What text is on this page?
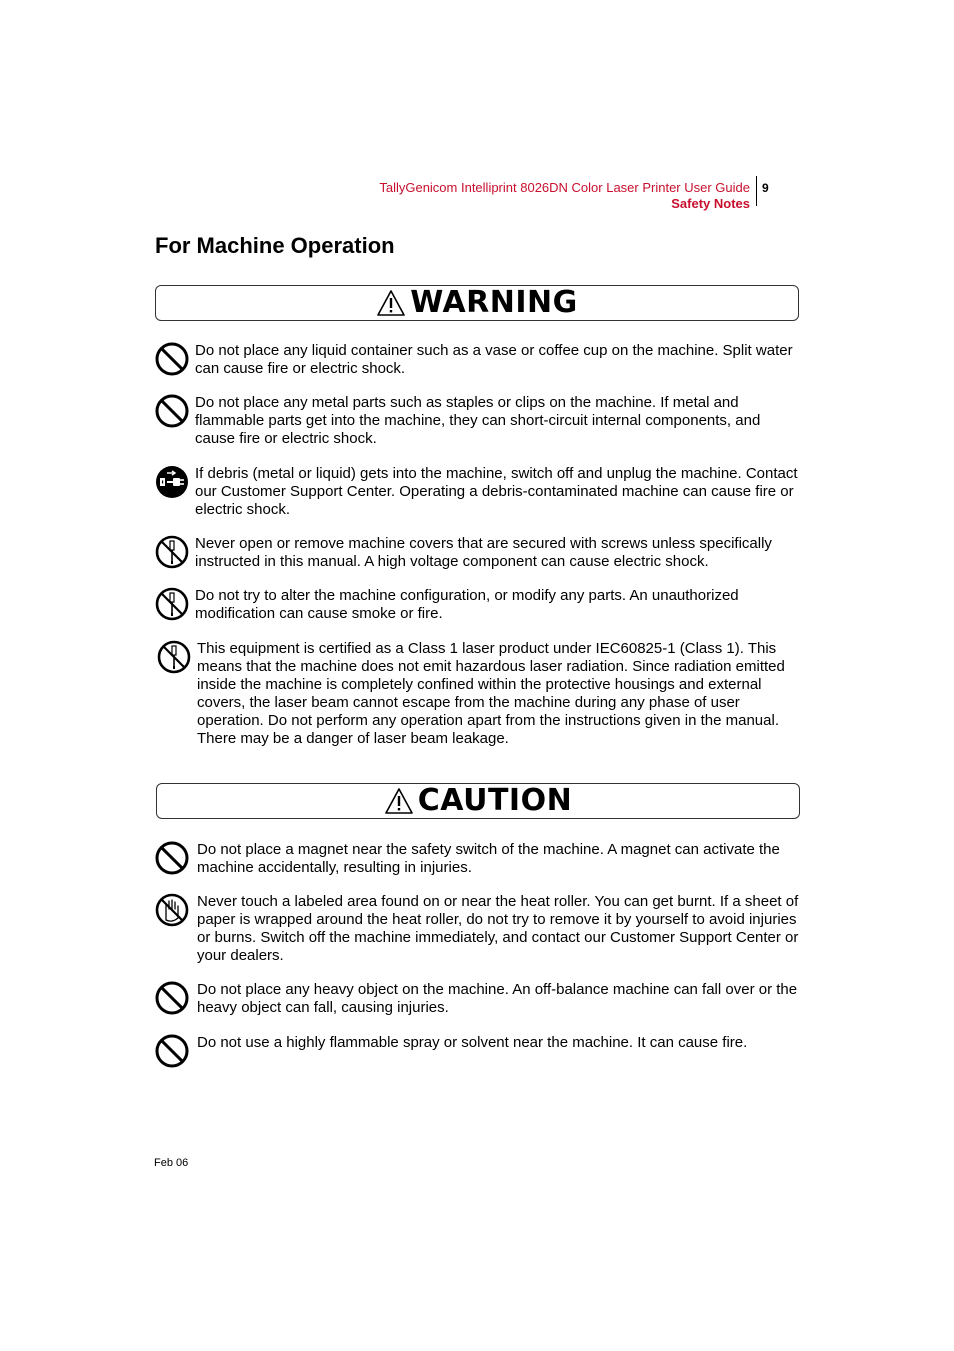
TallyGenicom Intelliprint 8026DN Color Laser Printer User Guide
Safety Notes
9
For Machine Operation
WARNING
Do not place any liquid container such as a vase or coffee cup on the machine. Split water can cause fire or electric shock.
Do not place any metal parts such as staples or clips on the machine. If metal and flammable parts get into the machine, they can short-circuit internal components, and cause fire or electric shock.
If debris (metal or liquid) gets into the machine, switch off and unplug the machine. Contact our Customer Support Center. Operating a debris-contaminated machine can cause fire or electric shock.
Never open or remove machine covers that are secured with screws unless specifically instructed in this manual. A high voltage component can cause electric shock.
Do not try to alter the machine configuration, or modify any parts. An unauthorized modification can cause smoke or fire.
This equipment is certified as a Class 1 laser product under IEC60825-1 (Class 1). This means that the machine does not emit hazardous laser radiation. Since radiation emitted inside the machine is completely confined within the protective housings and external covers, the laser beam cannot escape from the machine during any phase of user operation. Do not perform any operation apart from the instructions given in the manual. There may be a danger of laser beam leakage.
CAUTION
Do not place a magnet near the safety switch of the machine. A magnet can activate the machine accidentally, resulting in injuries.
Never touch a labeled area found on or near the heat roller. You can get burnt. If a sheet of paper is wrapped around the heat roller, do not try to remove it by yourself to avoid injuries or burns. Switch off the machine immediately, and contact our Customer Support Center or your dealers.
Do not place any heavy object on the machine. An off-balance machine can fall over or the heavy object can fall, causing injuries.
Do not use a highly flammable spray or solvent near the machine. It can cause fire.
Feb 06
